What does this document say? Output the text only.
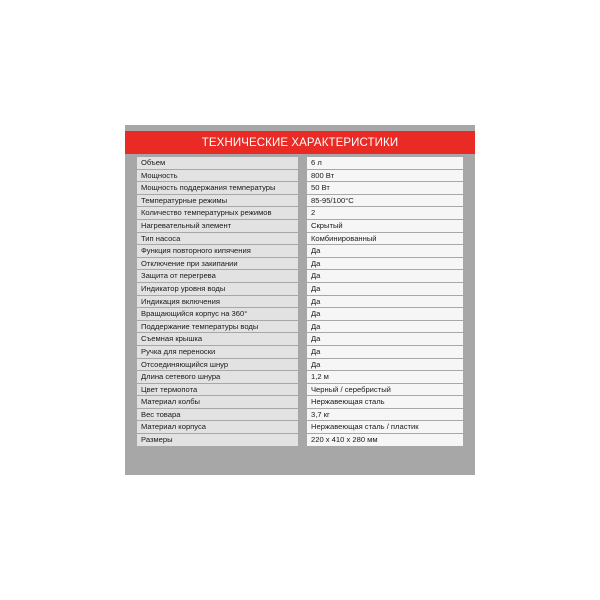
ТЕХНИЧЕСКИЕ ХАРАКТЕРИСТИКИ
Объем	6 л
Мощность	800 Вт
Мощность поддержания температуры	50 Вт
Температурные режимы	85-95/100°C
Количество температурных режимов	2
Нагревательный элемент	Скрытый
Тип насоса	Комбинированный
Функция повторного кипячения	Да
Отключение при закипании	Да
Защита от перегрева	Да
Индикатор уровня воды	Да
Индикация включения	Да
Вращающийся корпус на 360°	Да
Поддержание температуры воды	Да
Съемная крышка	Да
Ручка для переноски	Да
Отсоединяющийся шнур	Да
Длина сетевого шнура	1,2 м
Цвет термопота	Черный / серебристый
Материал колбы	Нержавеющая сталь
Вес товара	3,7 кг
Материал корпуса	Нержавеющая сталь / пластик
Размеры	220 x 410 x 280 мм
